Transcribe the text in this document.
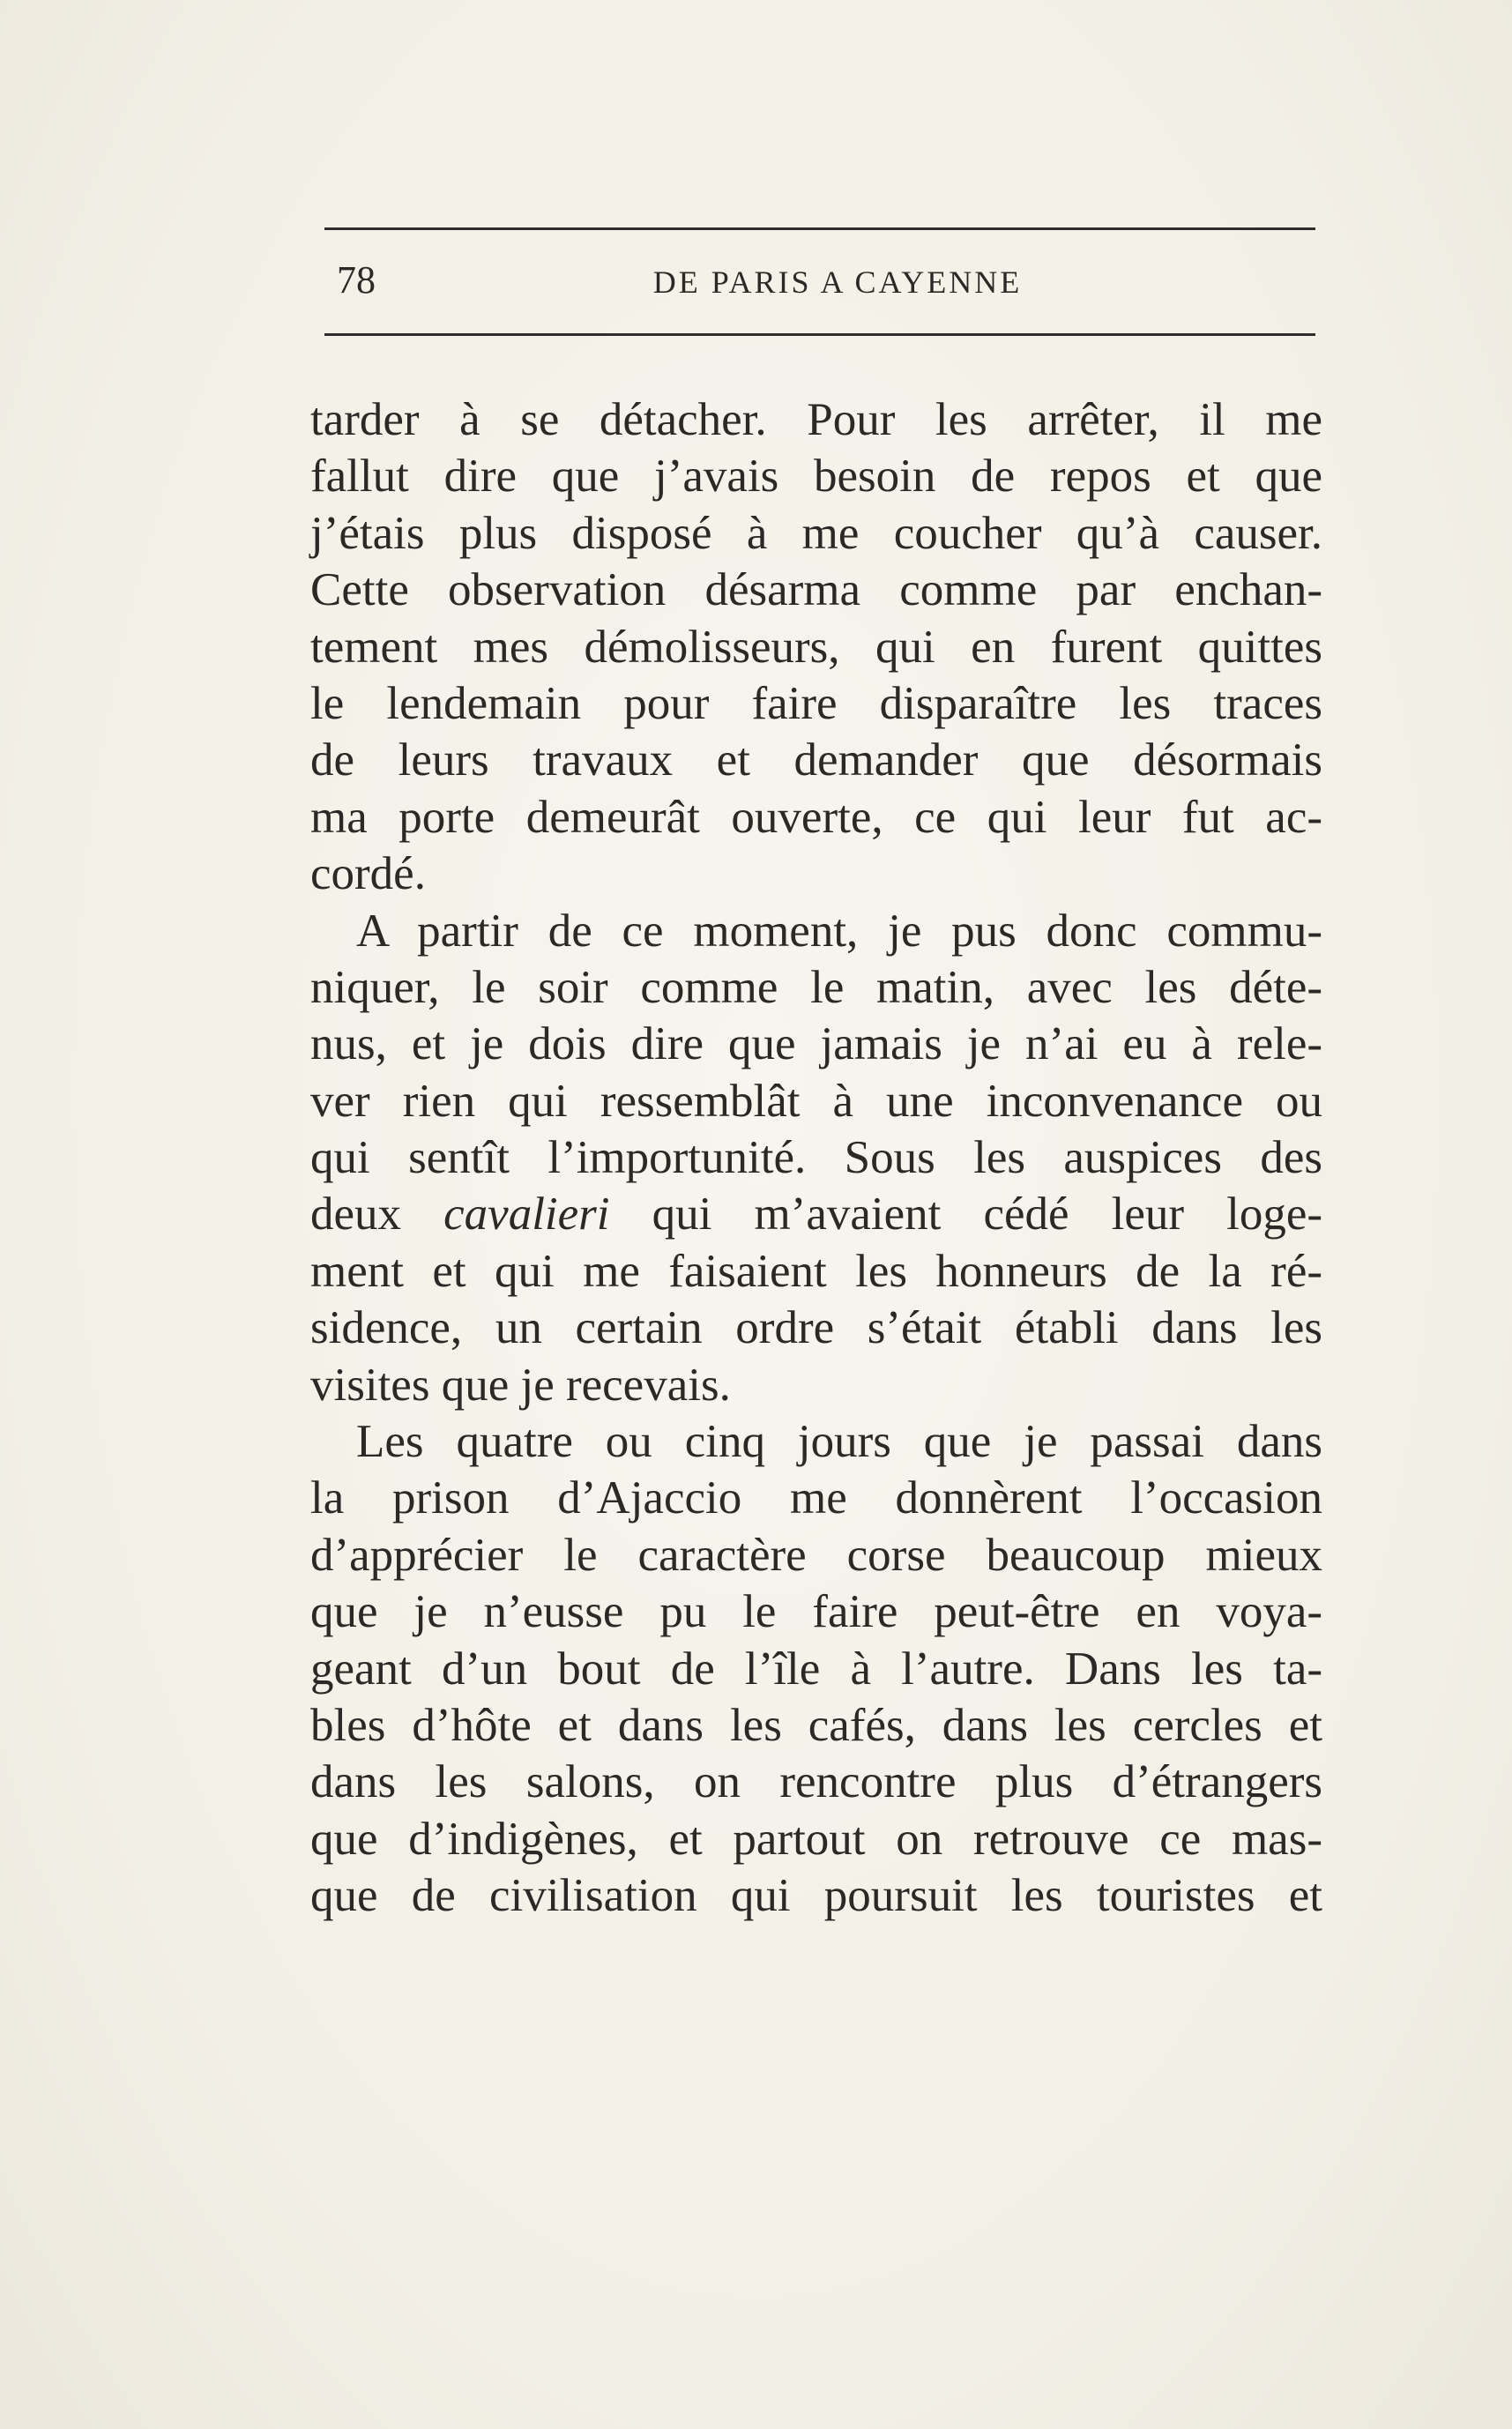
78	DE PARIS A CAYENNE
tarder à se détacher. Pour les arrêter, il me
fallut dire que j’avais besoin de repos et que
j’étais plus disposé à me coucher qu’à causer.
Cette observation désarma comme par enchan-
tement mes démolisseurs, qui en furent quittes
le lendemain pour faire disparaître les traces
de leurs travaux et demander que désormais
ma porte demeurât ouverte, ce qui leur fut ac-
cordé.
A partir de ce moment, je pus donc commu-
niquer, le soir comme le matin, avec les déte-
nus, et je dois dire que jamais je n’ai eu à rele-
ver rien qui ressemblât à une inconvenance ou
qui sentît l’importunité. Sous les auspices des
deux cavalieri qui m’avaient cédé leur loge-
ment et qui me faisaient les honneurs de la ré-
sidence, un certain ordre s’était établi dans les
visites que je recevais.
Les quatre ou cinq jours que je passai dans
la prison d’Ajaccio me donnèrent l’occasion
d’apprécier le caractère corse beaucoup mieux
que je n’eusse pu le faire peut-être en voya-
geant d’un bout de l’île à l’autre. Dans les ta-
bles d’hôte et dans les cafés, dans les cercles et
dans les salons, on rencontre plus d’étrangers
que d’indigènes, et partout on retrouve ce mas-
que de civilisation qui poursuit les touristes et
